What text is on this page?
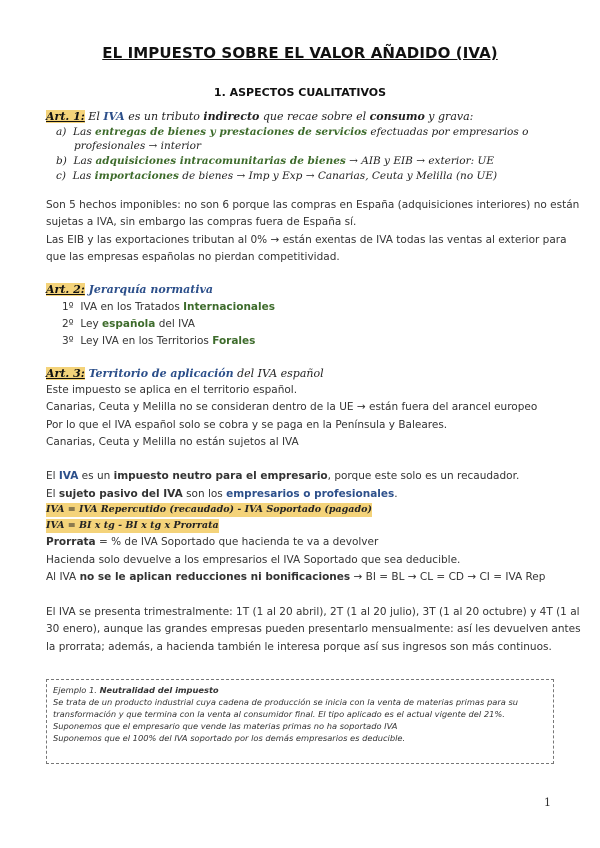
EL IMPUESTO SOBRE EL VALOR AÑADIDO (IVA)
1. ASPECTOS CUALITATIVOS
Art. 1: El IVA es un tributo indirecto que recae sobre el consumo y grava:
a) Las entregas de bienes y prestaciones de servicios efectuadas por empresarios o
profesionales → interior
b) Las adquisiciones intracomunitarias de bienes → AIB y EIB → exterior: UE
c) Las importaciones de bienes → Imp y Exp → Canarias, Ceuta y Melilla (no UE)
Son 5 hechos imponibles: no son 6 porque las compras en España (adquisiciones interiores) no están
sujetas a IVA, sin embargo las compras fuera de España sí.
Las EIB y las exportaciones tributan al 0% → están exentas de IVA todas las ventas al exterior para
que las empresas españolas no pierdan competitividad.
Art. 2: Jerarquía normativa
1º IVA en los Tratados Internacionales
2º Ley española del IVA
3º Ley IVA en los Territorios Forales
Art. 3: Territorio de aplicación del IVA español
Este impuesto se aplica en el territorio español.
Canarias, Ceuta y Melilla no se consideran dentro de la UE → están fuera del arancel europeo
Por lo que el IVA español solo se cobra y se paga en la Península y Baleares.
Canarias, Ceuta y Melilla no están sujetos al IVA
El IVA es un impuesto neutro para el empresario, porque este solo es un recaudador.
El sujeto pasivo del IVA son los empresarios o profesionales.
IVA = IVA Repercutido (recaudado) - IVA Soportado (pagado)
IVA = BI x tg - BI x tg x Prorrata
Prorrata = % de IVA Soportado que hacienda te va a devolver
Hacienda solo devuelve a los empresarios el IVA Soportado que sea deducible.
Al IVA no se le aplican reducciones ni bonificaciones → BI = BL → CL = CD → CI = IVA Rep
El IVA se presenta trimestralmente: 1T (1 al 20 abril), 2T (1 al 20 julio), 3T (1 al 20 octubre) y 4T (1 al
30 enero), aunque las grandes empresas pueden presentarlo mensualmente: así les devuelven antes
la prorrata; además, a hacienda también le interesa porque así sus ingresos son más continuos.
Ejemplo 1. Neutralidad del impuesto
Se trata de un producto industrial cuya cadena de producción se inicia con la venta de materias primas para su
transformación y que termina con la venta al consumidor final. El tipo aplicado es el actual vigente del 21%.
Suponemos que el empresario que vende las materias primas no ha soportado IVA
Suponemos que el 100% del IVA soportado por los demás empresarios es deducible.
1
